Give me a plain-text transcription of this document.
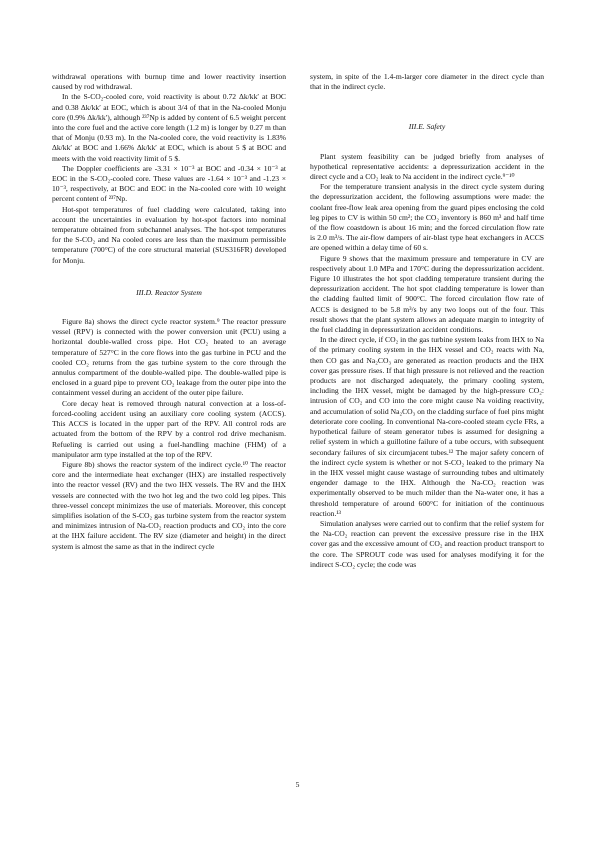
withdrawal operations with burnup time and lower reactivity insertion caused by rod withdrawal.

In the S-CO₂-cooled core, void reactivity is about 0.72 Δk/kk′ at BOC and 0.38 Δk/kk′ at EOC, which is about 3/4 of that in the Na-cooled Monju core (0.9% Δk/kk′), although ²³⁷Np is added by content of 6.5 weight percent into the core fuel and the active core length (1.2 m) is longer by 0.27 m than that of Monju (0.93 m). In the Na-cooled core, the void reactivity is 1.83% Δk/kk′ at BOC and 1.66% Δk/kk′ at EOC, which is about 5 $ at BOC and meets with the void reactivity limit of 5 $.

The Doppler coefficients are -3.31 × 10⁻³ at BOC and -0.34 × 10⁻³ at EOC in the S-CO₂-cooled core. These values are -1.64 × 10⁻³ and -1.23 × 10⁻³, respectively, at BOC and EOC in the Na-cooled core with 10 weight percent content of ²³⁷Np.

Hot-spot temperatures of fuel cladding were calculated, taking into account the uncertainties in evaluation by hot-spot factors into nominal temperature obtained from subchannel analyses. The hot-spot temperatures for the S-CO₂ and Na cooled cores are less than the maximum permissible temperature (700°C) of the core structural material (SUS316FR) developed for Monju.

III.D. Reactor System

Figure 8a) shows the direct cycle reactor system.⁹ The reactor pressure vessel (RPV) is connected with the power conversion unit (PCU) using a horizontal double-walled cross pipe. Hot CO₂ heated to an average temperature of 527°C in the core flows into the gas turbine in PCU and the cooled CO₂ returns from the gas turbine system to the core through the annulus compartment of the double-walled pipe. The double-walled pipe is enclosed in a guard pipe to prevent CO₂ leakage from the outer pipe into the containment vessel during an accident of the outer pipe failure.

Core decay heat is removed through natural convection at a loss-of-forced-cooling accident using an auxiliary core cooling system (ACCS). This ACCS is located in the upper part of the RPV. All control rods are actuated from the bottom of the RPV by a control rod drive mechanism. Refueling is carried out using a fuel-handling machine (FHM) of a manipulator arm type installed at the top of the RPV.

Figure 8b) shows the reactor system of the indirect cycle.¹⁰ The reactor core and the intermediate heat exchanger (IHX) are installed respectively into the reactor vessel (RV) and the two IHX vessels. The RV and the IHX vessels are connected with the two hot leg and the two cold leg pipes. This three-vessel concept minimizes the use of materials. Moreover, this concept simplifies isolation of the S-CO₂ gas turbine system from the reactor system and minimizes intrusion of Na-CO₂ reaction products and CO₂ into the core at the IHX failure accident. The RV size (diameter and height) in the direct system is almost the same as that in the indirect cycle

system, in spite of the 1.4-m-larger core diameter in the direct cycle than that in the indirect cycle.

III.E. Safety

Plant system feasibility can be judged briefly from analyses of hypothetical representative accidents: a depressurization accident in the direct cycle and a CO₂ leak to Na accident in the indirect cycle.⁹⁻¹⁰

For the temperature transient analysis in the direct cycle system during the depressurization accident, the following assumptions were made: the coolant free-flow leak area opening from the guard pipes enclosing the cold leg pipes to CV is within 50 cm²; the CO₂ inventory is 860 m³ and half time of the flow coastdown is about 16 min; and the forced circulation flow rate is 2.0 m³/s. The air-flow dampers of air-blast type heat exchangers in ACCS are opened within a delay time of 60 s.

Figure 9 shows that the maximum pressure and temperature in CV are respectively about 1.0 MPa and 170°C during the depressurization accident. Figure 10 illustrates the hot spot cladding temperature transient during the depressurization accident. The hot spot cladding temperature is lower than the cladding faulted limit of 900°C. The forced circulation flow rate of ACCS is designed to be 5.8 m³/s by any two loops out of the four. This result shows that the plant system allows an adequate margin to integrity of the fuel cladding in depressurization accident conditions.

In the direct cycle, if CO₂ in the gas turbine system leaks from IHX to Na of the primary cooling system in the IHX vessel and CO₂ reacts with Na, then CO gas and Na₂CO₃ are generated as reaction products and the IHX cover gas pressure rises. If that high pressure is not relieved and the reaction products are not discharged adequately, the primary cooling system, including the IHX vessel, might be damaged by the high-pressure CO₂: intrusion of CO₂ and CO into the core might cause Na voiding reactivity, and accumulation of solid Na₂CO₃ on the cladding surface of fuel pins might deteriorate core cooling. In conventional Na-core-cooled steam cycle FRs, a hypothetical failure of steam generator tubes is assumed for designing a relief system in which a guillotine failure of a tube occurs, with subsequent secondary failures of six circumjacent tubes.¹² The major safety concern of the indirect cycle system is whether or not S-CO₂ leaked to the primary Na in the IHX vessel might cause wastage of surrounding tubes and ultimately engender damage to the IHX. Although the Na-CO₂ reaction was experimentally observed to be much milder than the Na-water one, it has a threshold temperature of around 600°C for initiation of the continuous reaction.¹³

Simulation analyses were carried out to confirm that the relief system for the Na-CO₂ reaction can prevent the excessive pressure rise in the IHX cover gas and the excessive amount of CO₂ and reaction product transport to the core. The SPROUT code was used for analyses modifying it for the indirect S-CO₂ cycle; the code was

5
